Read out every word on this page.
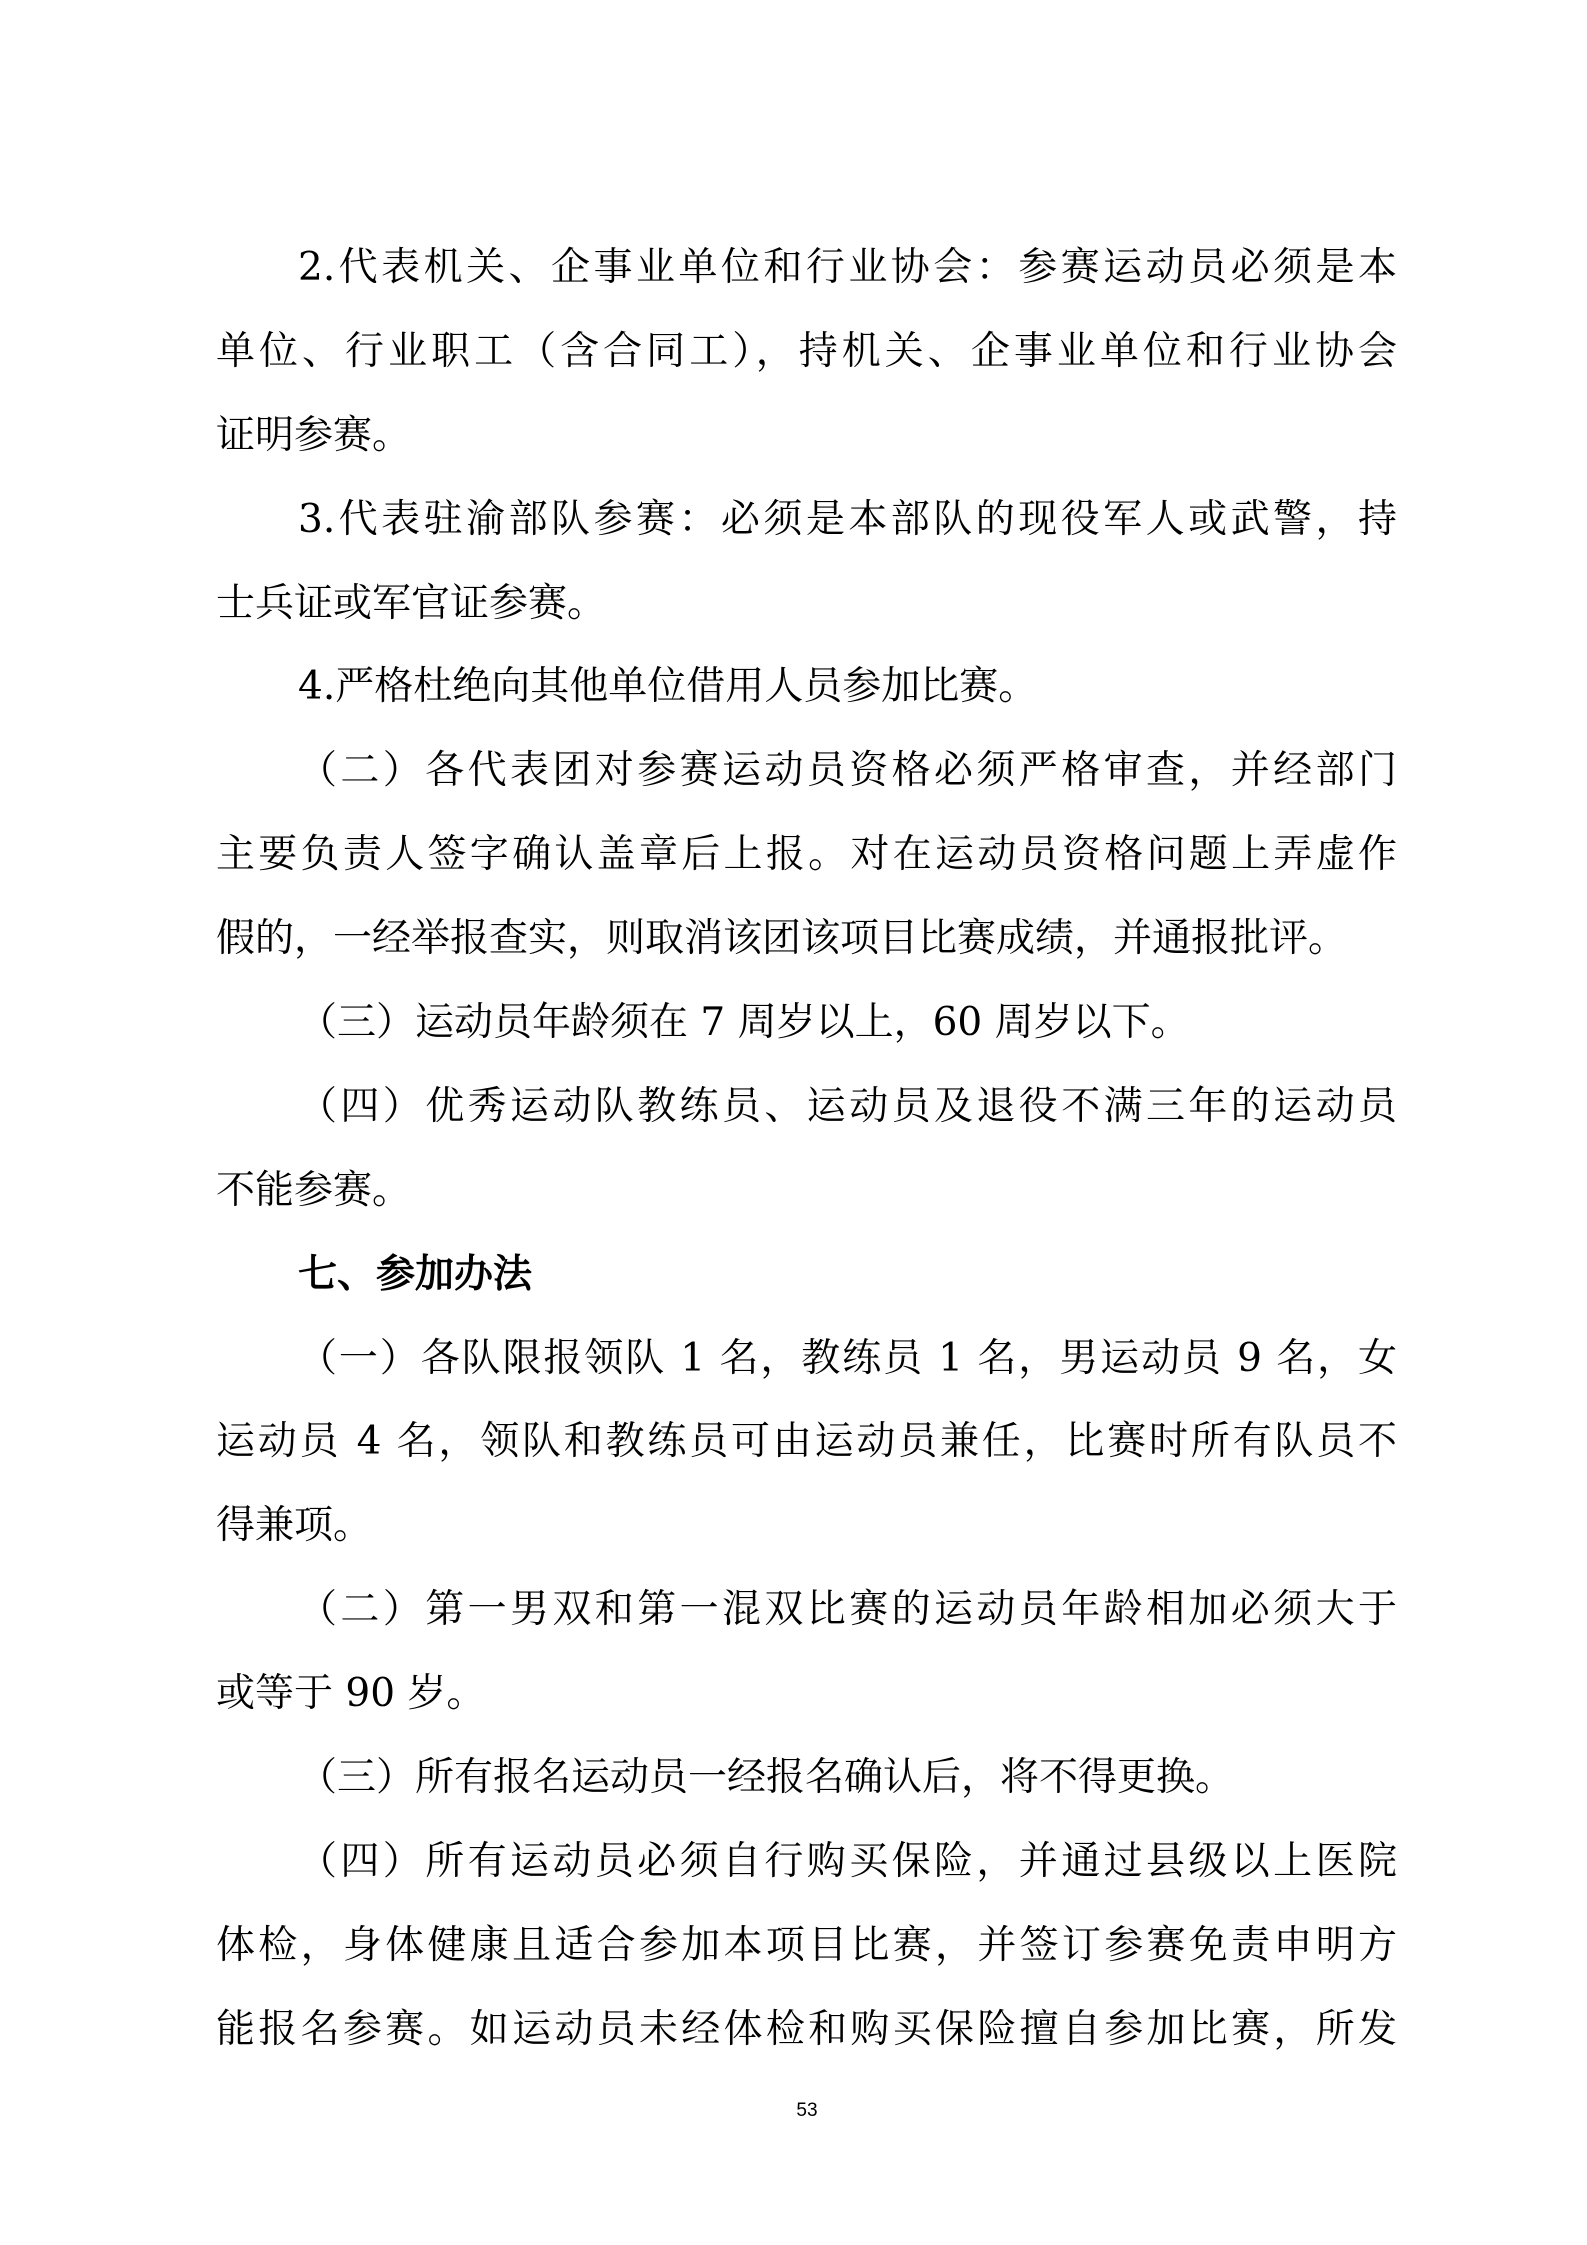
2.代表机关、企事业单位和行业协会：参赛运动员必须是本
单位、行业职工（含合同工），持机关、企事业单位和行业协会
证明参赛。
3.代表驻渝部队参赛：必须是本部队的现役军人或武警，持
士兵证或军官证参赛。
4.严格杜绝向其他单位借用人员参加比赛。
（二）各代表团对参赛运动员资格必须严格审查，并经部门
主要负责人签字确认盖章后上报。对在运动员资格问题上弄虚作
假的，一经举报查实，则取消该团该项目比赛成绩，并通报批评。
（三）运动员年龄须在 7 周岁以上，60 周岁以下。
（四）优秀运动队教练员、运动员及退役不满三年的运动员
不能参赛。
七、参加办法
（一）各队限报领队 1 名，教练员 1 名，男运动员 9 名，女
运动员 4 名，领队和教练员可由运动员兼任，比赛时所有队员不
得兼项。
（二）第一男双和第一混双比赛的运动员年龄相加必须大于
或等于 90 岁。
（三）所有报名运动员一经报名确认后，将不得更换。
（四）所有运动员必须自行购买保险，并通过县级以上医院
体检，身体健康且适合参加本项目比赛，并签订参赛免责申明方
能报名参赛。如运动员未经体检和购买保险擅自参加比赛，所发
53
